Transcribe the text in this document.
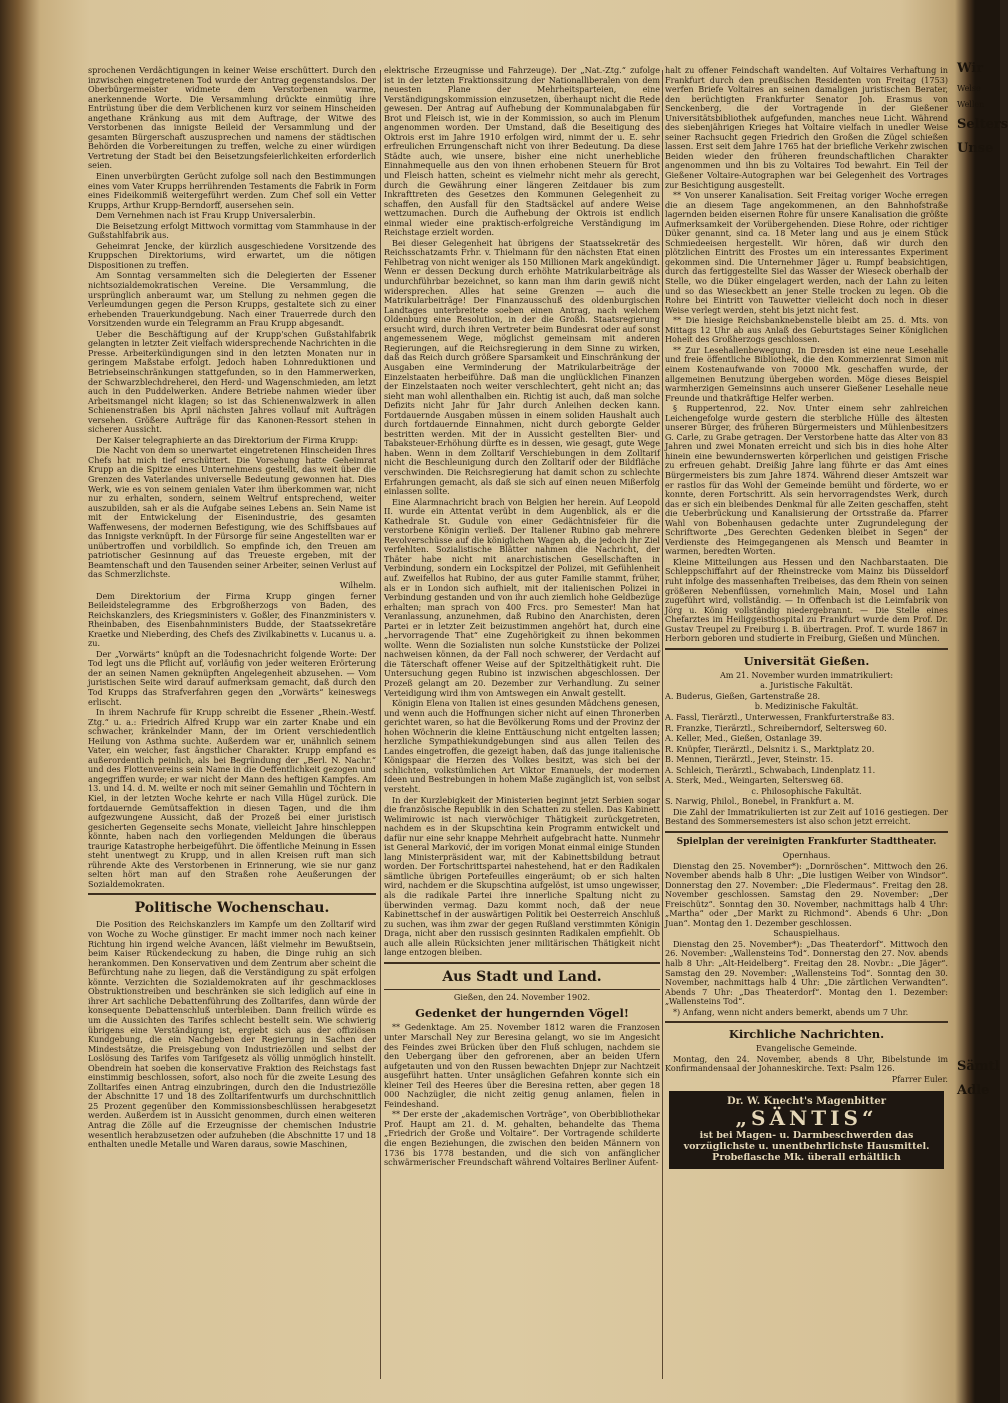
sprochenen Verdächtigungen in keiner Weise erschüttert. Durch den inzwischen eingetretenen Tod wurde der Antrag gegenstandslos. Der Oberbürgermeister widmete dem Verstorbenen warme, anerkennende Worte. Die Versammlung drückte einmütig ihre Entrüstung über die dem Verblichenen kurz vor seinem Hinscheiden angethane Kränkung aus mit dem Auftrage, der Witwe des Verstorbenen das innigste Beileid der Versammlung und der gesamten Bürgerschaft auszusprechen und namens der städtischen Behörden die Vorbereitungen zu treffen, welche zu einer würdigen Vertretung der Stadt bei den Beisetzungsfeierlichkeiten erforderlich seien.

Einen unverbürgten Gerücht zufolge soll nach den Bestimmungen eines vom Vater Krupps herrührenden Testaments die Fabrik in Form eines Fideikommiß weitergeführt werden. Zum Chef soll ein Vetter Krupps, Arthur Krupp-Berndorff, ausersehen sein.

Dem Vernehmen nach ist Frau Krupp Universalerbin.

Die Beisetzung erfolgt Mittwoch vormittag vom Stammhause in der Gußstahlfabrik aus.

Geheimrat Jencke, der kürzlich ausgeschiedene Vorsitzende des Kruppschen Direktoriums, wird erwartet, um die nötigen Dispositionen zu treffen.

Am Sonntag versammelten sich die Delegierten der Essener nichtsozialdemokratischen Vereine. Die Versammlung, die ursprünglich anberaumt war, um Stellung zu nehmen gegen die Verleumdungen gegen die Person Krupps, gestaltete sich zu einer erhebenden Trauerkundgebung. Nach einer Trauerrede durch den Vorsitzenden wurde ein Telegramm an Frau Krupp abgesandt.

Ueber die Beschäftigung auf der Krupp'schen Gußstahlfabrik gelangten in letzter Zeit vielfach widersprechende Nachrichten in die Presse. Arbeiterkündigungen sind in den letzten Monaten nur in geringem Maßstabe erfolgt. Jedoch haben Lohnreduktionen und Betriebseinschränkungen stattgefunden, so in den Hammerwerken, der Schwarzblechdreherei, den Herd- und Wagenschmieden, am letzt auch in den Puddelwerken. Andere Betriebe nahmen wieder über Arbeitsmangel nicht klagen; so ist das Schienenwalzwerk in allen Schienenstraßen bis April nächsten Jahres vollauf mit Aufträgen versehen. Größere Aufträge für das Kanonen-Ressort stehen in sicherer Aussicht.

Der Kaiser telegraphierte an das Direktorium der Firma Krupp:

Die Nacht von dem so unerwartet eingetretenen Hinscheiden Ihres Chefs hat mich tief erschüttert. Die Vorsehung hatte Geheimrat Krupp an die Spitze eines Unternehmens gestellt, das weit über die Grenzen des Vaterlandes universelle Bedeutung gewonnen hat. Dies Werk, wie es von seinem genialen Vater ihm überkommen war, nicht nur zu erhalten, sondern, seinem Weltruf entsprechend, weiter auszubilden, sah er als die Aufgabe seines Lebens an. Sein Name ist mit der Entwickelung der Eisenindustrie, des gesamten Waffenwesens, der modernen Befestigung, wie des Schiffsbaues auf das Innigste verknüpft. In der Fürsorge für seine Angestellten war er unübertroffen und vorbildlich. So empfinde ich, den Treuen am patriotischer Gesinnung auf das Treueste ergeben, mit der Beamtenschaft und den Tausenden seiner Arbeiter, seinen Verlust auf das Schmerzlichste.

Wilhelm.

Dem Direktorium der Firma Krupp gingen ferner Beileidstelegramme des Erbgroßherzogs von Baden, des Reichskanzlers, des Kriegsministers v. Goßler, des Finanzministers v. Rheinbaben, des Eisenbahnministers Budde, der Staatssekretäre Kraetke und Nieberding, des Chefs des Zivilkabinetts v. Lucanus u. a. zu.

Der „Vorwärts“ knüpft an die Todesnachricht folgende Worte: Der Tod legt uns die Pflicht auf, vorläufig von jeder weiteren Erörterung der an seinen Namen geknüpften Angelegenheit abzusehen. — Vom juristischen Seite wird darauf aufmerksam gemacht, daß durch den Tod Krupps das Strafverfahren gegen den „Vorwärts“ keineswegs erlischt.

In ihrem Nachrufe für Krupp schreibt die Essener „Rhein.-Westf. Ztg.“ u. a.: Friedrich Alfred Krupp war ein zarter Knabe und ein schwacher, kränkelnder Mann, der im Orient verschiedentlich Heilung von Asthma suchte. Außerdem war er, unähnlich seinem Vater, ein weicher, fast ängstlicher Charakter. Krupp empfand es außerordentlich peinlich, als bei Begründung der „Berl. N. Nachr.“ und des Flottenvereins sein Name in die Oeffentlichkeit gezogen und angegriffen wurde; er war nicht der Mann des heftigen Kampfes. Am 13. und 14. d. M. weilte er noch mit seiner Gemahlin und Töchtern in Kiel, in der letzten Woche kehrte er nach Villa Hügel zurück. Die fortdauernde Gemütsaffektion in diesen Tagen, und die ihm aufgezwungene Aussicht, daß der Prozeß bei einer juristisch gesicherten Gegenseite sechs Monate, vielleicht Jahre hinschleppen könnte, haben nach den vorliegenden Meldungen die überaus traurige Katastrophe herbeigeführt. Die öffentliche Meinung in Essen steht unentwegt zu Krupp, und in allen Kreisen ruft man sich rührende Akte des Verstorbenen in Erinnerung, wie sie nur ganz selten hört man auf den Straßen rohe Aeußerungen der Sozialdemokraten.

Politische Wochenschau.

Die Position des Reichskanzlers im Kampfe um den Zolltarif wird von Woche zu Woche günstiger. Er macht immer noch nach keiner Richtung hin irgend welche Avancen, läßt vielmehr im Bewußtsein, beim Kaiser Rückendeckung zu haben, die Dinge ruhig an sich herankommen. Den Konservativen und dem Zentrum aber scheint die Befürchtung nahe zu liegen, daß die Verständigung zu spät erfolgen könnte. Verzichten die Sozialdemokraten auf ihr geschmackloses Obstruktionstreiben und beschränken sie sich lediglich auf eine in ihrer Art sachliche Debattenführung des Zolltarifes, dann würde der konsequente Debattenschluß unterbleiben. Dann freilich würde es um die Aussichten des Tarifes schlecht bestellt sein. Wie schwierig übrigens eine Verständigung ist, ergiebt sich aus der offiziösen Kundgebung, die ein Nachgeben der Regierung in Sachen der Mindestsätze, die Preisgebung von Industriezöllen und selbst der Loslösung des Tarifes vom Tarifgesetz als völlig unmöglich hinstellt. Obendrein hat soeben die konservative Fraktion des Reichstags fast einstimmig beschlossen, sofort, also noch für die zweite Lesung des Zolltarifes einen Antrag einzubringen, durch den die Industriezölle der Abschnitte 17 und 18 des Zolltarifentwurfs um durchschnittlich 25 Prozent gegenüber den Kommissionsbeschlüssen herabgesetzt werden. Außerdem ist in Aussicht genommen, durch einen weiteren Antrag die Zölle auf die Erzeugnisse der chemischen Industrie wesentlich herabzusetzen oder aufzuheben (die Abschnitte 17 und 18 enthalten unedle Metalle und Waren daraus, sowie Maschinen,

elektrische Erzeugnisse und Fahrzeuge). Der „Nat.-Ztg.“ zufolge ist in der letzten Fraktionssitzung der Nationalliberalen von dem neuesten Plane der Mehrheitsparteien, eine Verständigungskommission einzusetzen, überhaupt nicht die Rede gewesen. Der Antrag auf Aufhebung der Kommunalabgaben für Brot und Fleisch ist, wie in der Kommission, so auch im Plenum angenommen worden. Der Umstand, daß die Beseitigung des Oktrois erst im Jahre 1910 erfolgen wird, nimmt der u. E. sehr erfreulichen Errungenschaft nicht von ihrer Bedeutung. Da diese Städte auch, wie unsere, bisher eine nicht unerhebliche Einnahmequelle aus den von ihnen erhobenen Steuern für Brot und Fleisch hatten, scheint es vielmehr nicht mehr als gerecht, durch die Gewährung einer längeren Zeitdauer bis zum Inkrafttreten des Gesetzes den Kommunen Gelegenheit zu schaffen, den Ausfall für den Stadtsäckel auf andere Weise wettzumachen. Durch die Aufhebung der Oktrois ist endlich einmal wieder eine praktisch-erfolgreiche Verständigung im Reichstage erzielt worden.

Bei dieser Gelegenheit hat übrigens der Staatssekretär des Reichsschatzamts Frhr. v. Thielmann für den nächsten Etat einen Fehlbetrag von nicht weniger als 150 Millionen Mark angekündigt. Wenn er dessen Deckung durch erhöhte Matrikularbeiträge als undurchführbar bezeichnet, so kann man ihm darin gewiß nicht widersprechen. Alles hat seine Grenzen — auch die Matrikularbeiträge! Der Finanzausschuß des oldenburgischen Landtages unterbreitete soeben einen Antrag, nach welchem Oldenburg eine Resolution, in der die Großh. Staatsregierung ersucht wird, durch ihren Vertreter beim Bundesrat oder auf sonst angemessenem Wege, möglichst gemeinsam mit anderen Regierungen, auf die Reichsregierung in dem Sinne zu wirken, daß das Reich durch größere Sparsamkeit und Einschränkung der Ausgaben eine Verminderung der Matrikularbeiträge der Einzelstaaten herbeiführe. Daß man die unglücklichen Finanzen der Einzelstaaten noch weiter verschlechtert, geht nicht an; das sieht man wohl allenthalben ein. Richtig ist auch, daß man solche Defizits nicht Jahr für Jahr durch Anleihen decken kann. Fortdauernde Ausgaben müssen in einem soliden Haushalt auch durch fortdauernde Einnahmen, nicht durch geborgte Gelder bestritten werden. Mit der in Aussicht gestellten Bier- und Tabaksteuer-Erhöhung dürfte es in dessen, wie gesagt, gute Wege haben. Wenn in dem Zolltarif Verschiebungen in dem Zolltarif nicht die Beschleunigung durch den Zolltarif oder der Bildfläche verschwinden. Die Reichsregierung hat damit schon zu schlechte Erfahrungen gemacht, als daß sie sich auf einen neuen Mißerfolg einlassen sollte.

Eine Alarmnachricht brach von Belgien her herein. Auf Leopold II. wurde ein Attentat verübt in dem Augenblick, als er die Kathedrale St. Gudule von einer Gedächtnisfeier für die verstorbene Königin verließ. Der Italiener Rubino gab mehrere Revolverschüsse auf die königlichen Wagen ab, die jedoch ihr Ziel verfehlten. Sozialistische Blätter nahmen die Nachricht, der Thäter habe nicht mit anarchistischen Gesellschaften in Verbindung, sondern ein Lockspitzel der Polizei, mit Gefühlenheit auf. Zweifellos hat Rubino, der aus guter Familie stammt, früher, als er in London sich aufhielt, mit der italienischen Polizei in Verbindung gestanden und von ihr auch ziemlich hohe Geldbezüge erhalten; man sprach von 400 Frcs. pro Semester! Man hat Veranlassung, anzunehmen, daß Rubino den Anarchisten, deren Partei er in letzter Zeit beizustimmen angehört hat, durch eine „hervorragende That“ eine Zugehörigkeit zu ihnen bekommen wollte. Wenn die Sozialisten nun solche Kunststücke der Polizei nachweisen können, da der Fall noch schwerer, der Verdacht auf die Täterschaft offener Weise auf der Spitzelthätigkeit ruht. Die Untersuchung gegen Rubino ist inzwischen abgeschlossen. Der Prozeß gelangt am 20. Dezember zur Verhandlung. Zu seiner Verteidigung wird ihm von Amtswegen ein Anwalt gestellt.

Königin Elena von Italien ist eines gesunden Mädchens genesen, und wenn auch die Hoffnungen sicher nicht auf einen Thronerben gerichtet waren, so hat die Bevölkerung Roms und der Provinz der hohen Wöchnerin die kleine Enttäuschung nicht entgelten lassen; herzliche Sympathiekundgebungen sind aus allen Teilen des Landes eingetroffen, die gezeigt haben, daß das junge italienische Königspaar die Herzen des Volkes besitzt, was sich bei der schlichten, volkstümlichen Art Viktor Emanuels, der modernen Ideen und Bestrebungen in hohem Maße zugänglich ist, von selbst versteht.

In der Kurzlebigkeit der Ministerien beginnt jetzt Serbien sogar die französische Republik in den Schatten zu stellen. Das Kabinett Welimirowic ist nach vierwöchiger Thätigkeit zurückgetreten, nachdem es in der Skupschtina kein Programm entwickelt und dafür nur eine sehr knappe Mehrheit aufgebracht hatte. Nunmehr ist General Marković, der im vorigen Monat einmal einige Stunden lang Ministerpräsident war, mit der Kabinettsbildung betraut worden. Der Fortschrittspartei nahestehend, hat er den Radikalen sämtliche übrigen Portefeuilles eingeräumt; ob er sich halten wird, nachdem er die Skupschtina aufgelöst, ist umso ungewisser, als die radikale Partei ihre innerliche Spaltung nicht zu überwinden vermag. Dazu kommt noch, daß der neue Kabinettschef in der auswärtigen Politik bei Oesterreich Anschluß zu suchen, was ihm zwar der gegen Rußland verstimmten Königin Draga, nicht aber den russisch gesinnten Radikalen empfiehlt. Ob auch alle allein Rücksichten jener militärischen Thätigkeit nicht lange entzogen bleiben.

Aus Stadt und Land.

Gießen, den 24. November 1902.

Gedenket der hungernden Vögel!

** Gedenktage. Am 25. November 1812 waren die Franzosen unter Marschall Ney zur Beresina gelangt, wo sie im Angesicht des Feindes zwei Brücken über den Fluß schlugen, nachdem sie den Uebergang über den gefrorenen, aber an beiden Ufern aufgetauten und von den Russen bewachten Dnjepr zur Nachtzeit ausgeführt hatten. Unter unsäglichen Gefahren konnte sich ein kleiner Teil des Heeres über die Beresina retten, aber gegen 18 000 Nachzügler, die nicht zeitig genug anlamen, fielen in Feindeshand.

** Der erste der „akademischen Vorträge“, von Oberbibliothekar Prof. Haupt am 21. d. M. gehalten, behandelte das Thema „Friedrich der Große und Voltaire“. Der Vortragende schilderte die engen Beziehungen, die zwischen den beiden Männern von 1736 bis 1778 bestanden, und die sich von anfänglicher schwärmerischer Freundschaft während Voltaires Berliner Aufent-

halt zu offener Feindschaft wandelten. Auf Voltaires Verhaftung in Frankfurt durch den preußischen Residenten von Freitag (1753) werfen Briefe Voltaires an seinen damaligen juristischen Berater, den berüchtigten Frankfurter Senator Joh. Erasmus von Senckenberg, die der Vortragende in der Gießener Universitätsbibliothek aufgefunden, manches neue Licht. Während des siebenjährigen Krieges hat Voltaire vielfach in unedler Weise seiner Rachsucht gegen Friedrich den Großen die Zügel schießen lassen. Erst seit dem Jahre 1765 hat der briefliche Verkehr zwischen Beiden wieder den früheren freundschaftlichen Charakter angenommen und ihn bis zu Voltaires Tod bewahrt. Ein Teil der Gießener Voltaire-Autographen war bei Gelegenheit des Vortrages zur Besichtigung ausgestellt.

** Von unserer Kanalisation. Seit Freitag voriger Woche erregen die an diesem Tage angekommenen, an den Bahnhofstraße lagernden beiden eisernen Rohre für unsere Kanalisation die größte Aufmerksamkeit der Vorübergehenden. Diese Rohre, oder richtiger Düker genannt, sind ca. 18 Meter lang und aus je einem Stück Schmiedeeisen hergestellt. Wir hören, daß wir durch den plötzlichen Eintritt des Frostes um ein interessantes Experiment gekommen sind. Die Unternehmer Jäger u. Rumpf beabsichtigen, durch das fertiggestellte Siel das Wasser der Wieseck oberhalb der Stelle, wo die Düker eingelagert werden, nach der Lahn zu leiten und so das Wieseckbett an jener Stelle trocken zu legen. Ob die Rohre bei Eintritt von Tauwetter vielleicht doch noch in dieser Weise verlegt werden, steht bis jetzt nicht fest.

** Die hiesige Reichsbanknebenstelle bleibt am 25. d. Mts. von Mittags 12 Uhr ab aus Anlaß des Geburtstages Seiner Königlichen Hoheit des Großherzogs geschlossen.

** Zur Lesehallenbewegung. In Dresden ist eine neue Lesehalle und freie öffentliche Bibliothek, die den Kommerzienrat Simon mit einem Kostenaufwande von 70000 Mk. geschaffen wurde, der allgemeinen Benutzung übergeben worden. Möge dieses Beispiel warmherzigen Gemeinsinns auch unserer Gießener Lesehalle neue Freunde und thatkräftige Helfer werben.

§ Ruppertenrod, 22. Nov. Unter einem sehr zahlreichen Leichengefolge wurde gestern die sterbliche Hülle des ältesten unserer Bürger, des früheren Bürgermeisters und Mühlenbesitzers G. Carle, zu Grabe getragen. Der Verstorbene hatte das Alter von 83 Jahren und zwei Monaten erreicht und sich bis in dies hohe Alter hinein eine bewundernswerten körperlichen und geistigen Frische zu erfreuen gehabt. Dreißig Jahre lang führte er das Amt eines Bürgermeisters bis zum Jahre 1874. Während dieser Amtszeit war er rastlos für das Wohl der Gemeinde bemüht und förderte, wo er konnte, deren Fortschritt. Als sein hervorragendstes Werk, durch das er sich ein bleibendes Denkmal für alle Zeiten geschaffen, steht die Ueberbrückung und Kanalisierung der Ortsstraße da. Pfarrer Wahl von Bobenhausen gedachte unter Zugrundelegung der Schriftworte „Des Gerechten Gedenken bleibet in Segen“ der Verdienste des Heimgegangenen als Mensch und Beamter in warmen, beredten Worten.

Kleine Mitteilungen aus Hessen und den Nachbarstaaten. Die Schleppschiffahrt auf der Rheinstrecke vom Mainz bis Düsseldorf ruht infolge des massenhaften Treibeises, das dem Rhein von seinen größeren Nebenflüssen, vornehmlich Main, Mosel und Lahn zugeführt wird, vollständig. — In Offenbach ist die Leimfabrik von Jörg u. König vollständig niedergebrannt. — Die Stelle eines Chefarztes im Heiliggeisthospital zu Frankfurt wurde dem Prof. Dr. Gustav Treupel zu Freiburg i. B. übertragen. Prof. T. wurde 1867 in Herborn geboren und studierte in Freiburg, Gießen und München.

Universität Gießen.

Am 21. November wurden immatrikuliert:

a. Juristische Fakultät.

A. Buderus, Gießen, Gartenstraße 28.

b. Medizinische Fakultät.

A. Fassl, Tierärztl., Unterwessen, Frankfurterstraße 83.

R. Franzke, Tierärztl., Schreiberndorf, Seltersweg 60.

A. Keller, Med., Gießen, Ostanlage 39.

R. Knüpfer, Tierärztl., Delsnitz i. S., Marktplatz 20.

B. Mennen, Tierärztl., Jever, Steinstr. 15.

A. Schleich, Tierärztl., Schwabach, Lindenplatz 11.

A. Sterk, Med., Weingarten, Seltersweg 68.

c. Philosophische Fakultät.

S. Narwig, Philol., Bonebel, in Frankfurt a. M.

Die Zahl der Immatrikulierten ist zur Zeit auf 1016 gestiegen. Der Bestand des Sommersemesters ist also schon jetzt erreicht.

Spielplan der vereinigten Frankfurter Stadttheater.

Opernhaus.

Dienstag den 25. November*): „Dornröschen“. Mittwoch den 26. November abends halb 8 Uhr: „Die lustigen Weiber von Windsor“. Donnerstag den 27. November: „Die Fledermaus“. Freitag den 28. November geschlossen. Samstag den 29. November: „Der Freischütz“. Sonntag den 30. November, nachmittags halb 4 Uhr: „Martha“ oder „Der Markt zu Richmond“. Abends 6 Uhr: „Don Juan“. Montag den 1. Dezember geschlossen.

Schauspielhaus.

Dienstag den 25. November*): „Das Theaterdorf“. Mittwoch den 26. November: „Wallensteins Tod“. Donnerstag den 27. Nov. abends halb 8 Uhr: „Alt-Heidelberg“. Freitag den 28. Novbr.: „Die Jäger“. Samstag den 29. November: „Wallensteins Tod“. Sonntag den 30. November, nachmittags halb 4 Uhr: „Die zärtlichen Verwandten“. Abends 7 Uhr: „Das Theaterdorf“. Montag den 1. Dezember: „Wallensteins Tod“.

*) Anfang, wenn nicht anders bemerkt, abends um 7 Uhr.

Kirchliche Nachrichten.

Evangelische Gemeinde.

Montag, den 24. November, abends 8 Uhr, Bibelstunde im Konfirmandensaal der Johanneskirche. Text: Psalm 126.

Pfarrer Euler.

Dr. W. Knecht's Magenbitter
„SÄNTIS“
ist bei Magen- u. Darmbeschwerden das vorzüglichste u. unentbehrlichste Hausmittel. Probeflasche Mk. überall erhältlich
Wir
Welse
Wellen
Selters
Unse
Sämtl
Adle
